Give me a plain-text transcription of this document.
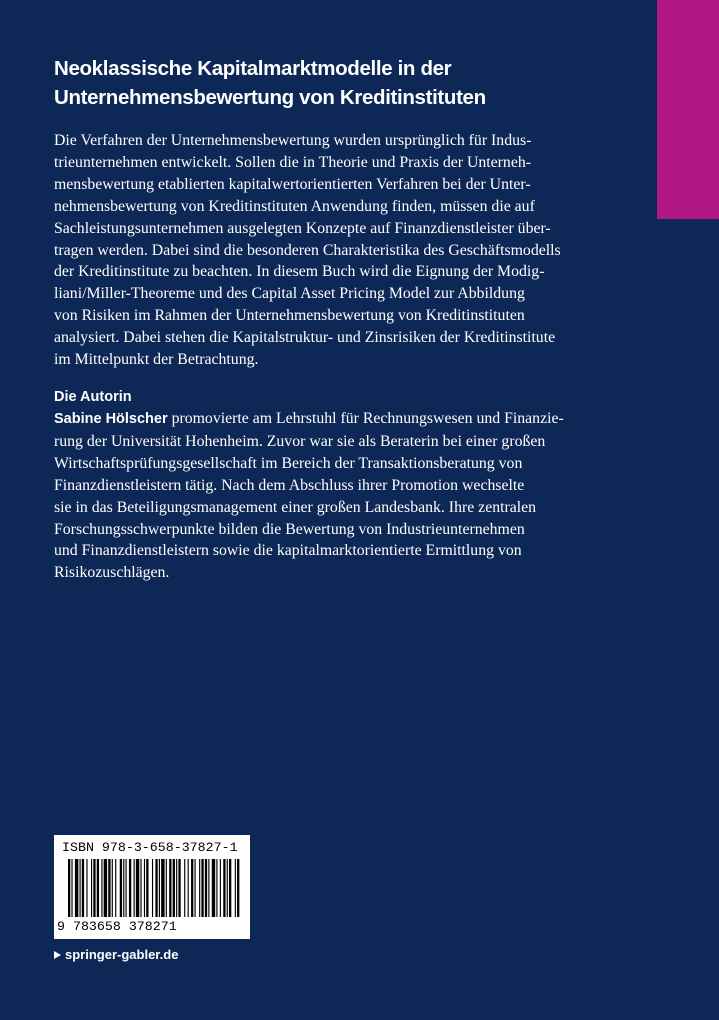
Neoklassische Kapitalmarktmodelle in der
Unternehmensbewertung von Kreditinstituten
Die Verfahren der Unternehmensbewertung wurden ursprünglich für Indus-
trieunternehmen entwickelt. Sollen die in Theorie und Praxis der Unterneh-
mensbewertung etablierten kapitalwertorientierten Verfahren bei der Unter-
nehmensbewertung von Kreditinstituten Anwendung finden, müssen die auf
Sachleistungsunternehmen ausgelegten Konzepte auf Finanzdienstleister über-
tragen werden. Dabei sind die besonderen Charakteristika des Geschäftsmodells
der Kreditinstitute zu beachten. In diesem Buch wird die Eignung der Modig-
liani/Miller-Theoreme und des Capital Asset Pricing Model zur Abbildung
von Risiken im Rahmen der Unternehmensbewertung von Kreditinstituten
analysiert. Dabei stehen die Kapitalstruktur- und Zinsrisiken der Kreditinstitute
im Mittelpunkt der Betrachtung.
Die Autorin
Sabine Hölscher promovierte am Lehrstuhl für Rechnungswesen und Finanzie-
rung der Universität Hohenheim. Zuvor war sie als Beraterin bei einer großen
Wirtschaftsprüfungsgesellschaft im Bereich der Transaktionsberatung von
Finanzdienstleistern tätig. Nach dem Abschluss ihrer Promotion wechselte
sie in das Beteiligungsmanagement einer großen Landesbank. Ihre zentralen
Forschungsschwerpunkte bilden die Bewertung von Industrieunternehmen
und Finanzdienstleistern sowie die kapitalmarktorientierte Ermittlung von
Risikozuschlägen.
ISBN 978-3-658-37827-1
9 783658 378271
springer-gabler.de
